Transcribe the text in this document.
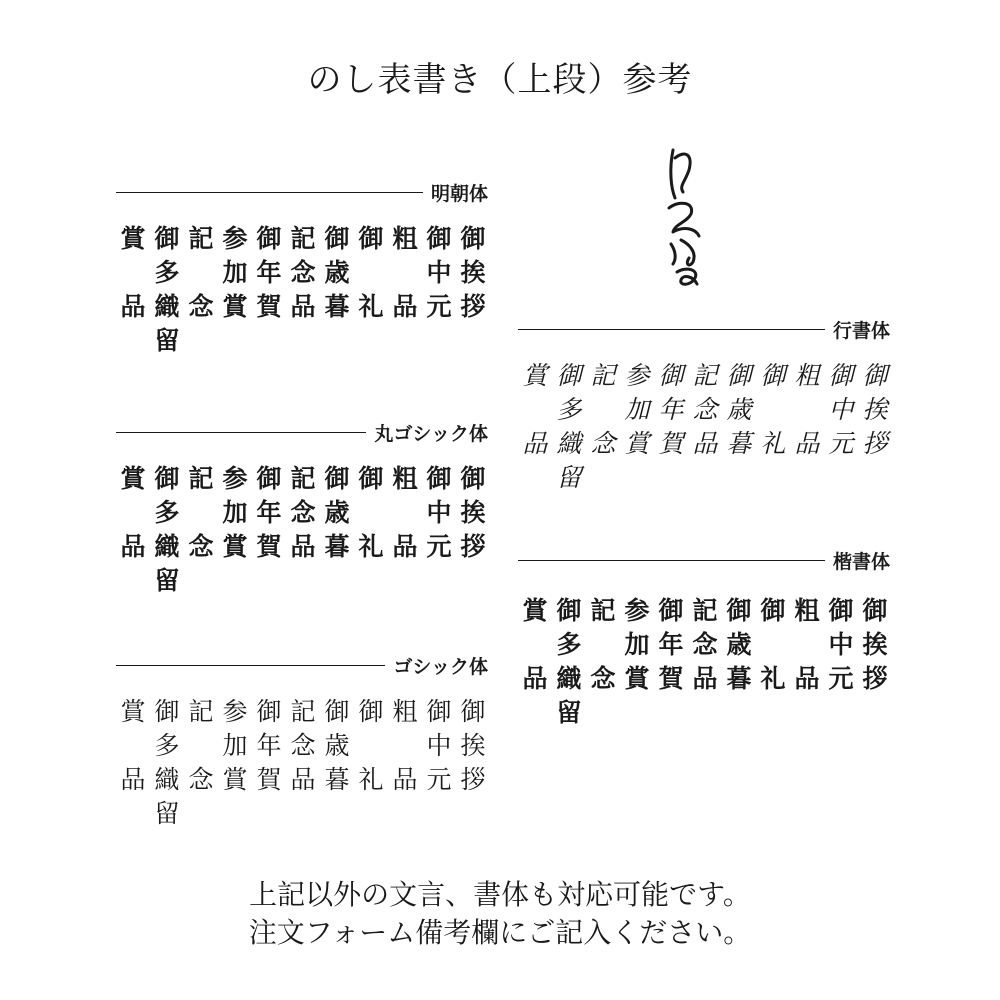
のし表書き（上段）参考
明朝体
賞
品
御
多
織
留
記
念
参
加
賞
御
年
賀
記
念
品
御
歳
暮
御
礼
粗
品
御
中
元
御
挨
拶
丸ゴシック体
賞
品
御
多
織
留
記
念
参
加
賞
御
年
賀
記
念
品
御
歳
暮
御
礼
粗
品
御
中
元
御
挨
拶
ゴシック体
賞
品
御
多
織
留
記
念
参
加
賞
御
年
賀
記
念
品
御
歳
暮
御
礼
粗
品
御
中
元
御
挨
拶
行書体
賞
品
御
多
織
留
記
念
参
加
賞
御
年
賀
記
念
品
御
歳
暮
御
礼
粗
品
御
中
元
御
挨
拶
楷書体
賞
品
御
多
織
留
記
念
参
加
賞
御
年
賀
記
念
品
御
歳
暮
御
礼
粗
品
御
中
元
御
挨
拶
上記以外の文言、書体も対応可能です。
注文フォーム備考欄にご記入ください。
